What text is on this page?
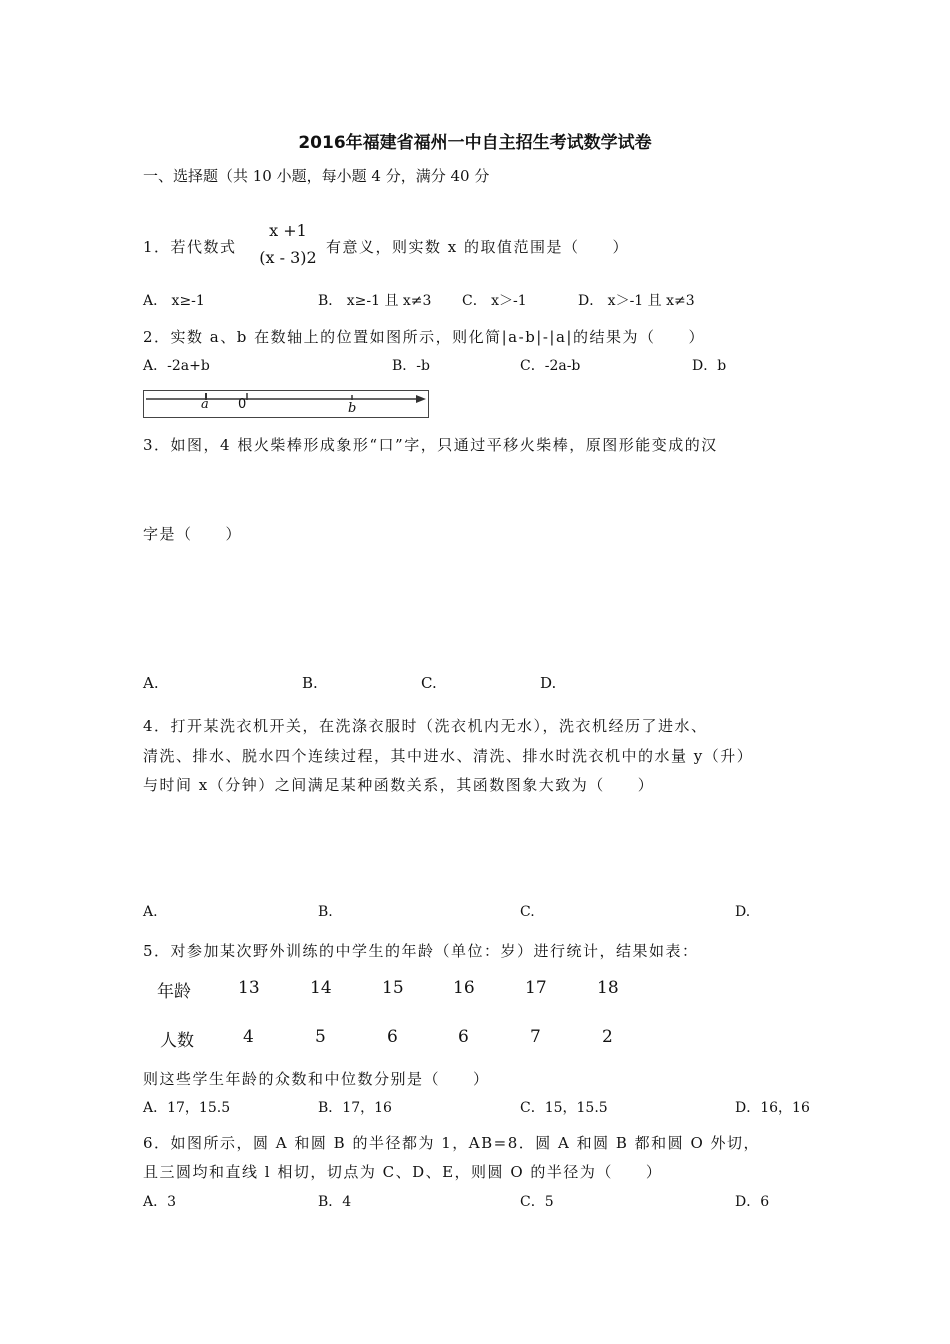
2016年福建省福州一中自主招生考试数学试卷
一、选择题（共 10 小题，每小题 4 分，满分 40 分
1．若代数式
x +1
(x - 3)2
有意义，则实数 x 的取值范围是（　　）
A． x≥-1	B． x≥-1 且 x≠3 C． x＞-1	D． x＞-1 且 x≠3
2．实数 a、b 在数轴上的位置如图所示，则化简|a-b|-|a|的结果为（　　）
A．-2a+b	B．-b	C．-2a-b	D．b
a 0	b
3．如图，4 根火柴棒形成象形“口”字，只通过平移火柴棒，原图形能变成的汉
字是（　　）
A.	B.	C.	D.
4．打开某洗衣机开关，在洗涤衣服时（洗衣机内无水），洗衣机经历了进水、
清洗、排水、脱水四个连续过程，其中进水、清洗、排水时洗衣机中的水量 y（升）
与时间 x（分钟）之间满足某种函数关系，其函数图象大致为（　　）
A.	B.	C.	D.
5．对参加某次野外训练的中学生的年龄（单位：岁）进行统计，结果如表：
年龄	13	14	15	16	17	18
人数	4	5	6	6	7	2
则这些学生年龄的众数和中位数分别是（　　）
A．17，15.5	B．17，16	C．15，15.5	D．16，16
6．如图所示，圆 A 和圆 B 的半径都为 1，AB=8．圆 A 和圆 B 都和圆 O 外切，
且三圆均和直线 l 相切，切点为 C、D、E，则圆 O 的半径为（　　）
A．3	B．4	C．5	D．6
